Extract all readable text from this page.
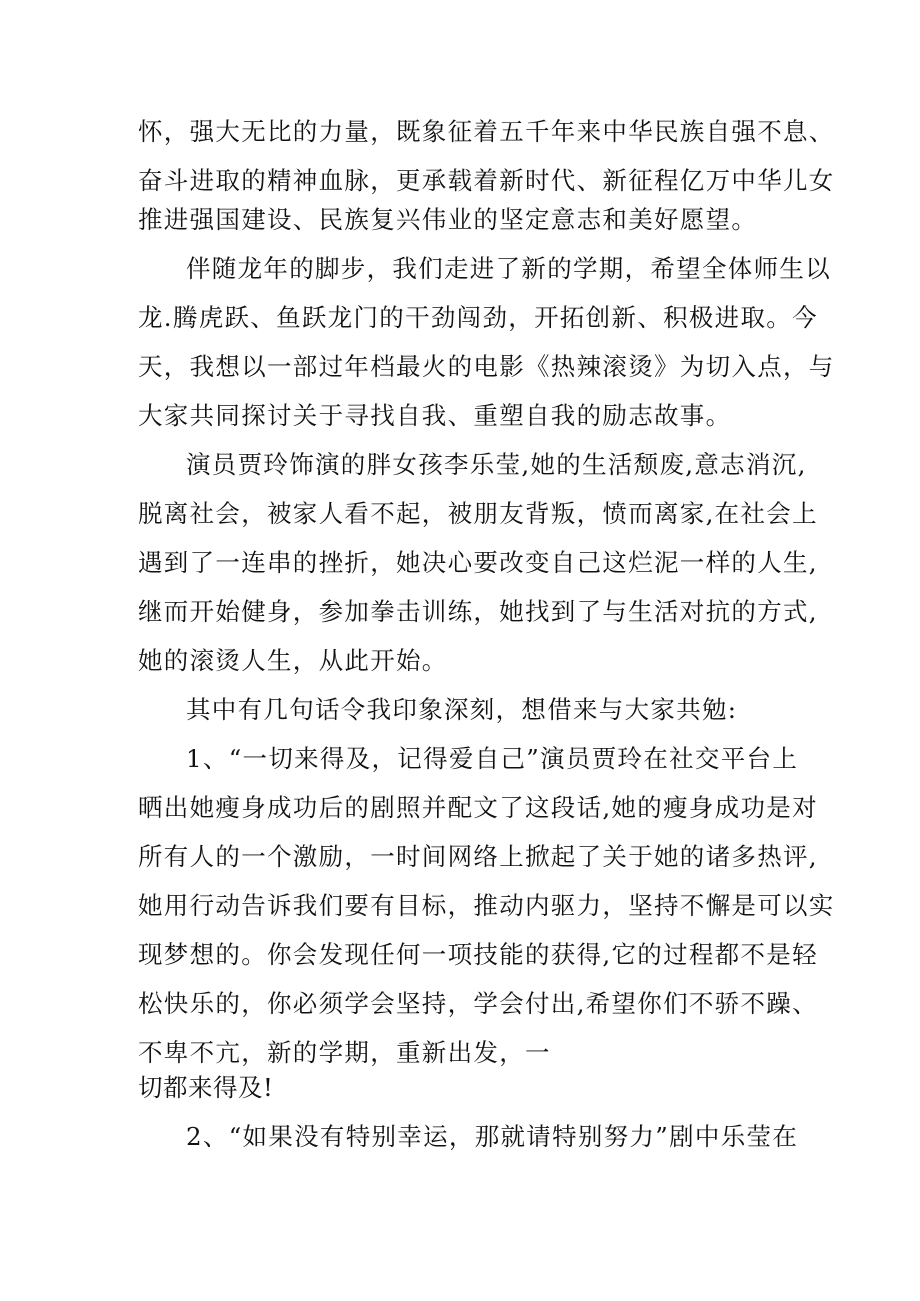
怀，强大无比的力量，既象征着五千年来中华民族自强不息、
奋斗进取的精神血脉，更承载着新时代、新征程亿万中华儿女
推进强国建设、民族复兴伟业的坚定意志和美好愿望。
伴随龙年的脚步，我们走进了新的学期，希望全体师生以
龙.腾虎跃、鱼跃龙门的干劲闯劲，开拓创新、积极进取。今
天，我想以一部过年档最火的电影《热辣滚烫》为切入点，与
大家共同探讨关于寻找自我、重塑自我的励志故事。
演员贾玲饰演的胖女孩李乐莹,她的生活颓废,意志消沉,
脱离社会，被家人看不起，被朋友背叛，愤而离家,在社会上
遇到了一连串的挫折，她决心要改变自己这烂泥一样的人生,
继而开始健身，参加拳击训练，她找到了与生活对抗的方式,
她的滚烫人生，从此开始。
其中有几句话令我印象深刻，想借来与大家共勉:
1、“一切来得及，记得爱自己”演员贾玲在社交平台上
晒出她瘦身成功后的剧照并配文了这段话,她的瘦身成功是对
所有人的一个激励，一时间网络上掀起了关于她的诸多热评,
她用行动告诉我们要有目标，推动内驱力，坚持不懈是可以实
现梦想的。你会发现任何一项技能的获得,它的过程都不是轻
松快乐的，你必须学会坚持，学会付出,希望你们不骄不躁、
不卑不亢，新的学期，重新出发，一
切都来得及!
2、“如果没有特别幸运，那就请特别努力”剧中乐莹在
